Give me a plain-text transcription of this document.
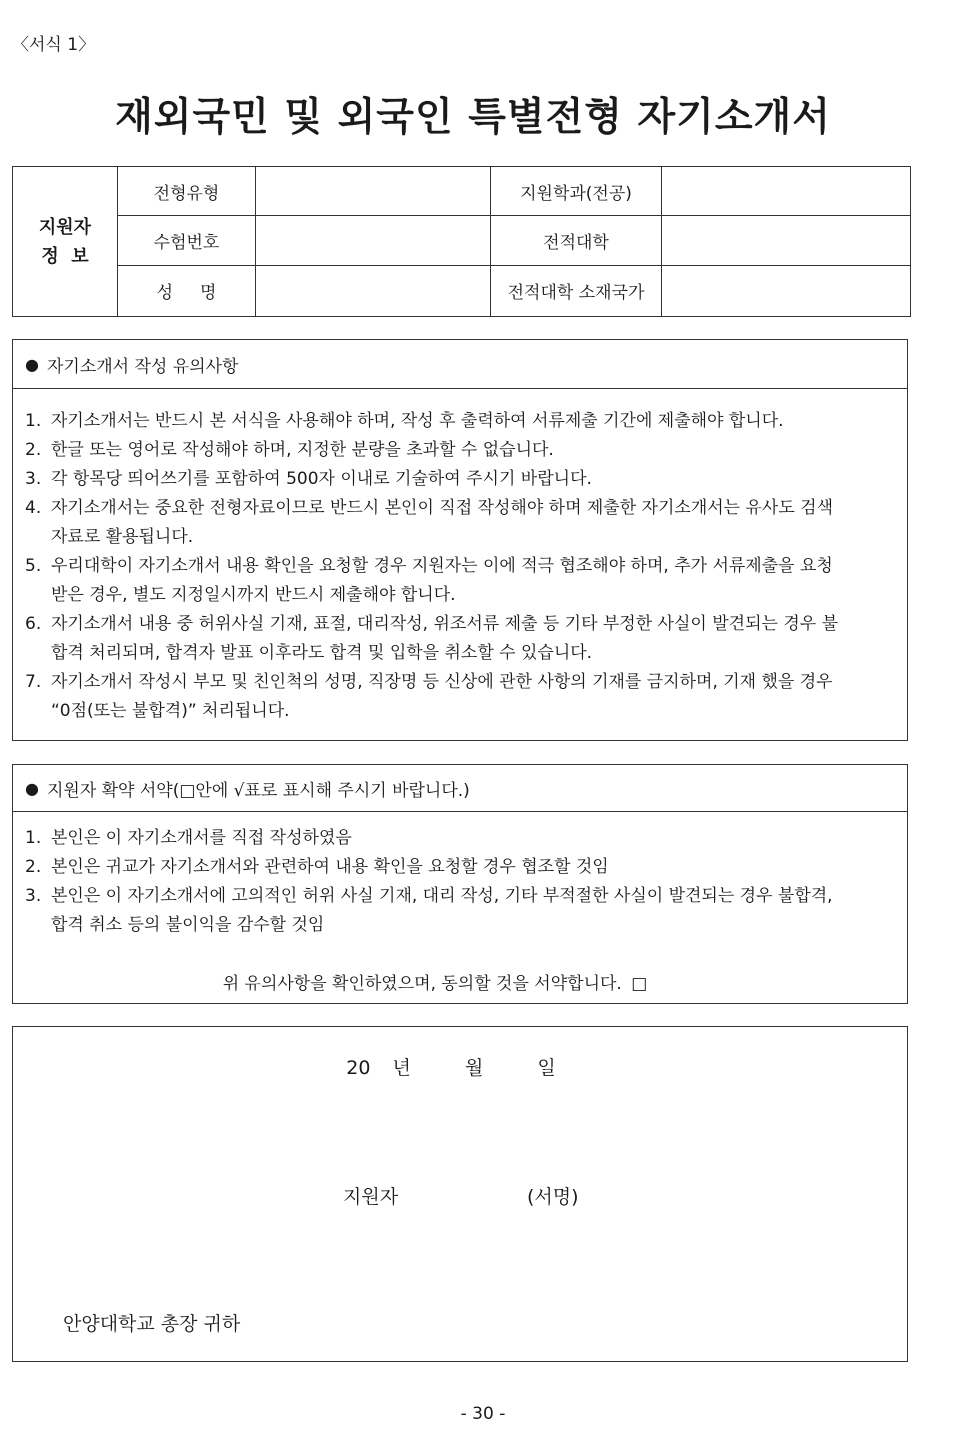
〈서식 1〉
재외국민 및 외국인 특별전형 자기소개서
지원자
정  보	전형유형		지원학과(전공)	
	수험번호		전적대학	
	성     명		전적대학 소재국가	
● 자기소개서 작성 유의사항
1. 자기소개서는 반드시 본 서식을 사용해야 하며, 작성 후 출력하여 서류제출 기간에 제출해야 합니다.
2. 한글 또는 영어로 작성해야 하며, 지정한 분량을 초과할 수 없습니다.
3. 각 항목당 띄어쓰기를 포함하여 500자 이내로 기술하여 주시기 바랍니다.
4. 자기소개서는 중요한 전형자료이므로 반드시 본인이 직접 작성해야 하며 제출한 자기소개서는 유사도 검색자료로 활용됩니다.
5. 우리대학이 자기소개서 내용 확인을 요청할 경우 지원자는 이에 적극 협조해야 하며, 추가 서류제출을 요청받은 경우, 별도 지정일시까지 반드시 제출해야 합니다.
6. 자기소개서 내용 중 허위사실 기재, 표절, 대리작성, 위조서류 제출 등 기타 부정한 사실이 발견되는 경우 불합격 처리되며, 합격자 발표 이후라도 합격 및 입학을 취소할 수 있습니다.
7. 자기소개서 작성시 부모 및 친인척의 성명, 직장명 등 신상에 관한 사항의 기재를 금지하며, 기재 했을 경우 “0점(또는 불합격)” 처리됩니다.
● 지원자 확약 서약(□안에 √표로 표시해 주시기 바랍니다.)
1. 본인은 이 자기소개서를 직접 작성하였음
2. 본인은 귀교가 자기소개서와 관련하여 내용 확인을 요청할 경우 협조할 것임
3. 본인은 이 자기소개서에 고의적인 허위 사실 기재, 대리 작성, 기타 부적절한 사실이 발견되는 경우 불합격, 합격 취소 등의 불이익을 감수할 것임
위 유의사항을 확인하였으며, 동의할 것을 서약합니다. □
20 년	월	일
지원자	(서명)
안양대학교 총장 귀하
- 30 -
